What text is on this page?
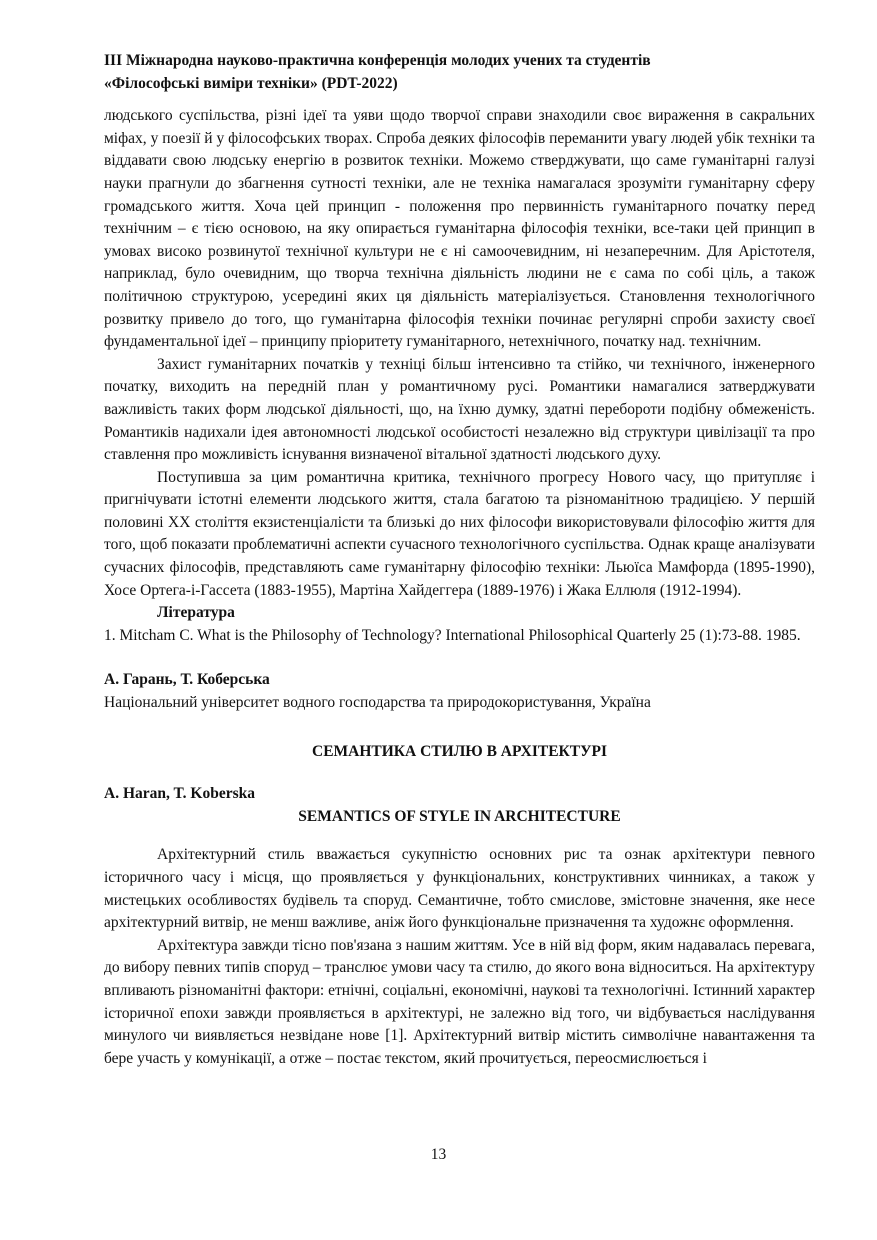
III Міжнародна науково-практична конференція молодих учених та студентів
«Філософські виміри техніки» (PDT-2022)

людського суспільства, різні ідеї та уяви щодо творчої справи знаходили своє вираження в сакральних міфах, у поезії й у філософських творах. Спроба деяких філософів переманити увагу людей убік техніки та віддавати свою людську енергію в розвиток техніки. Можемо стверджувати, що саме гуманітарні галузі науки прагнули до збагнення сутності техніки, але не техніка намагалася зрозуміти гуманітарну сферу громадського життя. Хоча цей принцип - положення про первинність гуманітарного початку перед технічним – є тією основою, на яку опирається гуманітарна філософія техніки, все-таки цей принцип в умовах високо розвинутої технічної культури не є ні самоочевидним, ні незаперечним. Для Арістотеля, наприклад, було очевидним, що творча технічна діяльність людини не є сама по собі ціль, а також політичною структурою, усередині яких ця діяльність матеріалізується. Становлення технологічного розвитку привело до того, що гуманітарна філософія техніки починає регулярні спроби захисту своєї фундаментальної ідеї – принципу пріоритету гуманітарного, нетехнічного, початку над. технічним.

Захист гуманітарних початків у техніці більш інтенсивно та стійко, чи технічного, інженерного початку, виходить на передній план у романтичному русі. Романтики намагалися затверджувати важливість таких форм людської діяльності, що, на їхню думку, здатні перебороти подібну обмеженість. Романтиків надихали ідея автономності людської особистості незалежно від структури цивілізації та про ставлення про можливість існування визначеної вітальної здатності людського духу.

Поступивша за цим романтична критика, технічного прогресу Нового часу, що притупляє і пригнічувати істотні елементи людського життя, стала багатою та різноманітною традицією. У першій половині XX століття екзистенціалісти та близькі до них філософи використовували філософію життя для того, щоб показати проблематичні аспекти сучасного технологічного суспільства. Однак краще аналізувати сучасних філософів, представляють саме гуманітарну філософію техніки: Льюїса Мамфорда (1895-1990), Хосе Ортега-і-Гассета (1883-1955), Мартіна Хайдеггера (1889-1976) і Жака Еллюля (1912-1994).

Література

1. Mitcham C. What is the Philosophy of Technology? International Philosophical Quarterly 25 (1):73-88. 1985.

А. Гарань, Т. Коберська
Національний університет водного господарства та природокористування, Україна
СЕМАНТИКА СТИЛЮ В АРХІТЕКТУРІ
A. Haran, T. Koberska
SEMANTICS OF STYLE IN ARCHITECTURE

Архітектурний стиль вважається сукупністю основних рис та ознак архітектури певного історичного часу і місця, що проявляється у функціональних, конструктивних чинниках, а також у мистецьких особливостях будівель та споруд. Семантичне, тобто смислове, змістовне значення, яке несе архітектурний витвір, не менш важливе, аніж його функціональне призначення та художнє оформлення.

Архітектура завжди тісно пов'язана з нашим життям. Усе в ній від форм, яким надавалась перевага, до вибору певних типів споруд – транслює умови часу та стилю, до якого вона відноситься. На архітектуру впливають різноманітні фактори: етнічні, соціальні, економічні, наукові та технологічні. Істинний характер історичної епохи завжди проявляється в архітектурі, не залежно від того, чи відбувається наслідування минулого чи виявляється незвідане нове [1]. Архітектурний витвір містить символічне навантаження та бере участь у комунікації, а отже – постає текстом, який прочитується, переосмислюється і

13
